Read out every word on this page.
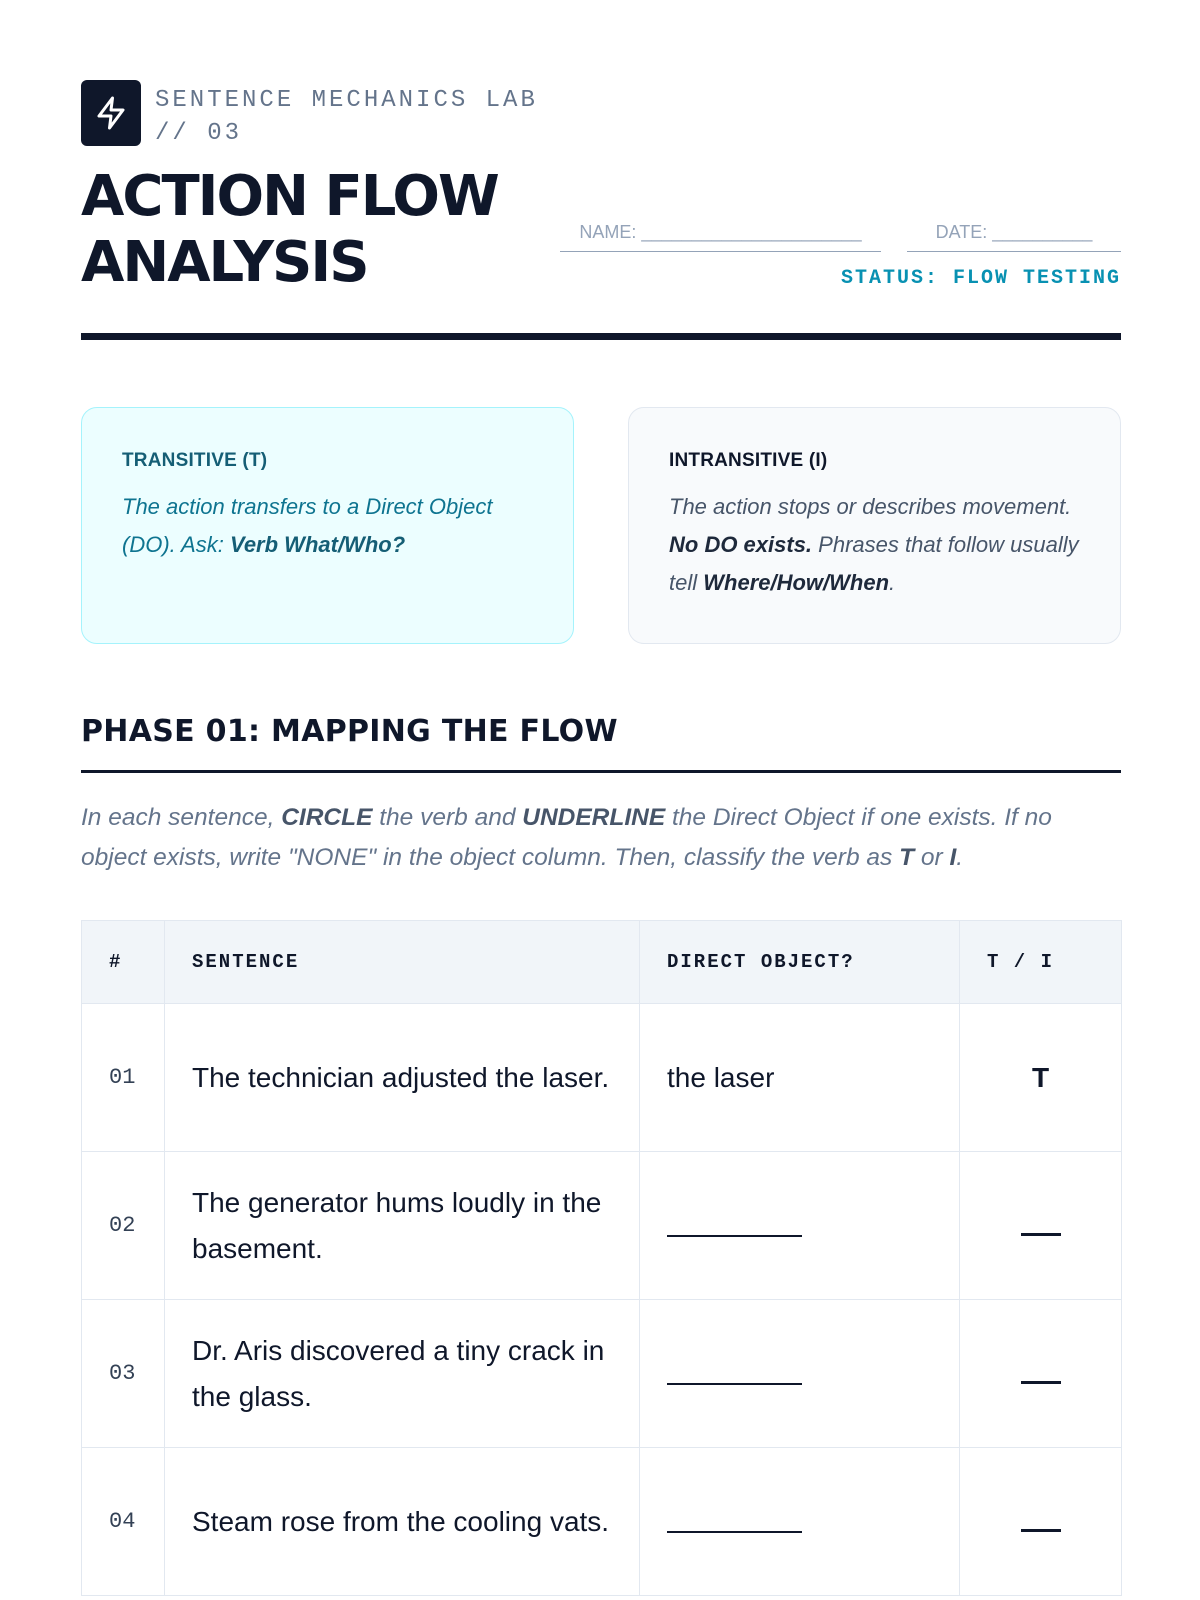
SENTENCE MECHANICS LAB
// 03
ACTION FLOW
ANALYSIS	NAME: ______________________	DATE: __________
STATUS: FLOW TESTING
TRANSITIVE (T)
The action transfers to a Direct Object (DO). Ask: Verb What/Who?
INTRANSITIVE (I)
The action stops or describes movement. No DO exists. Phrases that follow usually tell Where/How/When.
PHASE 01: MAPPING THE FLOW
In each sentence, CIRCLE the verb and UNDERLINE the Direct Object if one exists. If no object exists, write "NONE" in the object column. Then, classify the verb as T or I.
#	SENTENCE	DIRECT OBJECT?	T / I
01	The technician adjusted the laser.	the laser	T
02	The generator hums loudly in the basement.		
03	Dr. Aris discovered a tiny crack in the glass.		
04	Steam rose from the cooling vats.		
